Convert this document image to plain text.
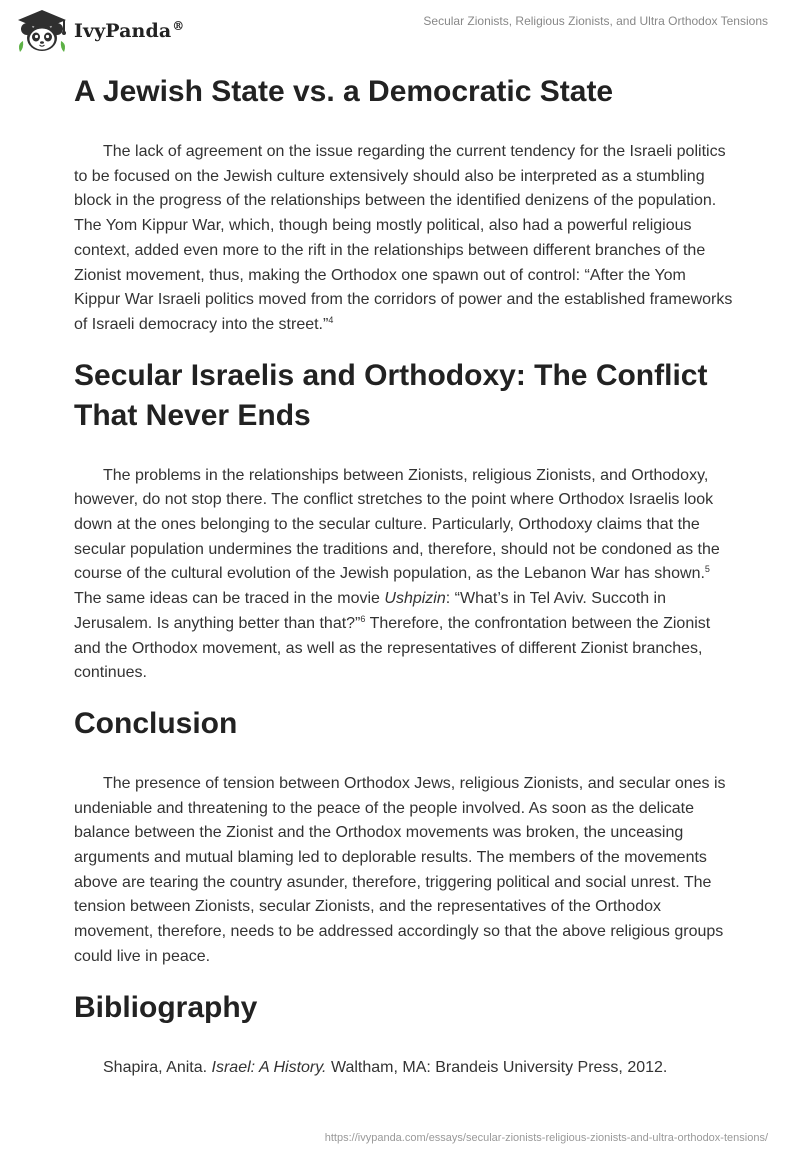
IvyPanda®	Secular Zionists, Religious Zionists, and Ultra Orthodox Tensions
A Jewish State vs. a Democratic State

The lack of agreement on the issue regarding the current tendency for the Israeli politics to be focused on the Jewish culture extensively should also be interpreted as a stumbling block in the progress of the relationships between the identified denizens of the population. The Yom Kippur War, which, though being mostly political, also had a powerful religious context, added even more to the rift in the relationships between different branches of the Zionist movement, thus, making the Orthodox one spawn out of control: “After the Yom Kippur War Israeli politics moved from the corridors of power and the established frameworks of Israeli democracy into the street.”$^4$

Secular Israelis and Orthodoxy: The Conflict That Never Ends

The problems in the relationships between Zionists, religious Zionists, and Orthodoxy, however, do not stop there. The conflict stretches to the point where Orthodox Israelis look down at the ones belonging to the secular culture. Particularly, Orthodoxy claims that the secular population undermines the traditions and, therefore, should not be condoned as the course of the cultural evolution of the Jewish population, as the Lebanon War has shown.$^5$ The same ideas can be traced in the movie Ushpizin: “What’s in Tel Aviv. Succoth in Jerusalem. Is anything better than that?”$^6$ Therefore, the confrontation between the Zionist and the Orthodox movement, as well as the representatives of different Zionist branches, continues.

Conclusion

The presence of tension between Orthodox Jews, religious Zionists, and secular ones is undeniable and threatening to the peace of the people involved. As soon as the delicate balance between the Zionist and the Orthodox movements was broken, the unceasing arguments and mutual blaming led to deplorable results. The members of the movements above are tearing the country asunder, therefore, triggering political and social unrest. The tension between Zionists, secular Zionists, and the representatives of the Orthodox movement, therefore, needs to be addressed accordingly so that the above religious groups could live in peace.

Bibliography
Shapira, Anita. Israel: A History. Waltham, MA: Brandeis University Press, 2012.
https://ivypanda.com/essays/secular-zionists-religious-zionists-and-ultra-orthodox-tensions/
